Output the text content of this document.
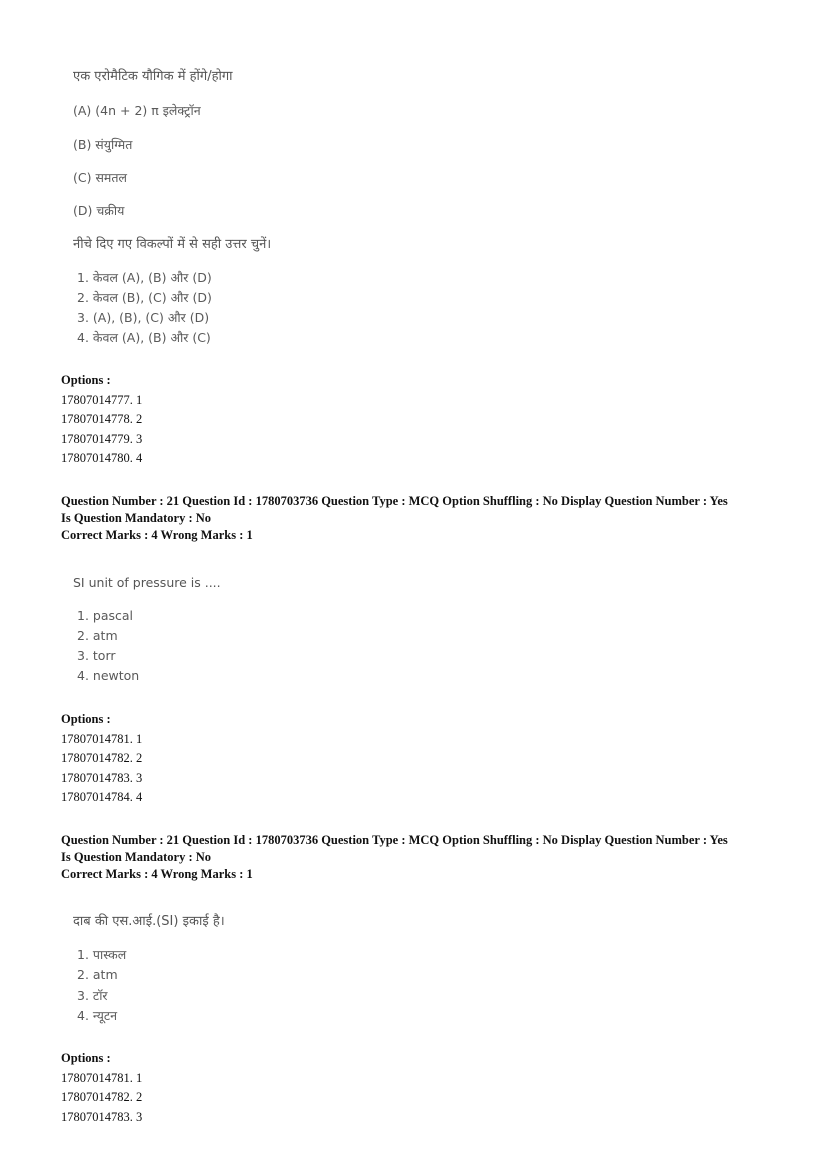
एक एरोमैटिक यौगिक में होंगे/होगा
(A) (4n + 2) π इलेक्ट्रॉन
(B) संयुग्मित
(C) समतल
(D) चक्रीय
नीचे दिए गए विकल्पों में से सही उत्तर चुनें।
1. केवल (A), (B) और (D)
2. केवल (B), (C) और (D)
3. (A), (B), (C) और (D)
4. केवल (A), (B) और (C)
Options :
17807014777. 1
17807014778. 2
17807014779. 3
17807014780. 4
Question Number : 21 Question Id : 1780703736 Question Type : MCQ Option Shuffling : No Display Question Number : Yes
Is Question Mandatory : No
Correct Marks : 4 Wrong Marks : 1
SI unit of pressure is ....
1. pascal
2. atm
3. torr
4. newton
Options :
17807014781. 1
17807014782. 2
17807014783. 3
17807014784. 4
Question Number : 21 Question Id : 1780703736 Question Type : MCQ Option Shuffling : No Display Question Number : Yes
Is Question Mandatory : No
Correct Marks : 4 Wrong Marks : 1
दाब की एस.आई.(SI) इकाई है।
1. पास्कल
2. atm
3. टॉर
4. न्यूटन
Options :
17807014781. 1
17807014782. 2
17807014783. 3
